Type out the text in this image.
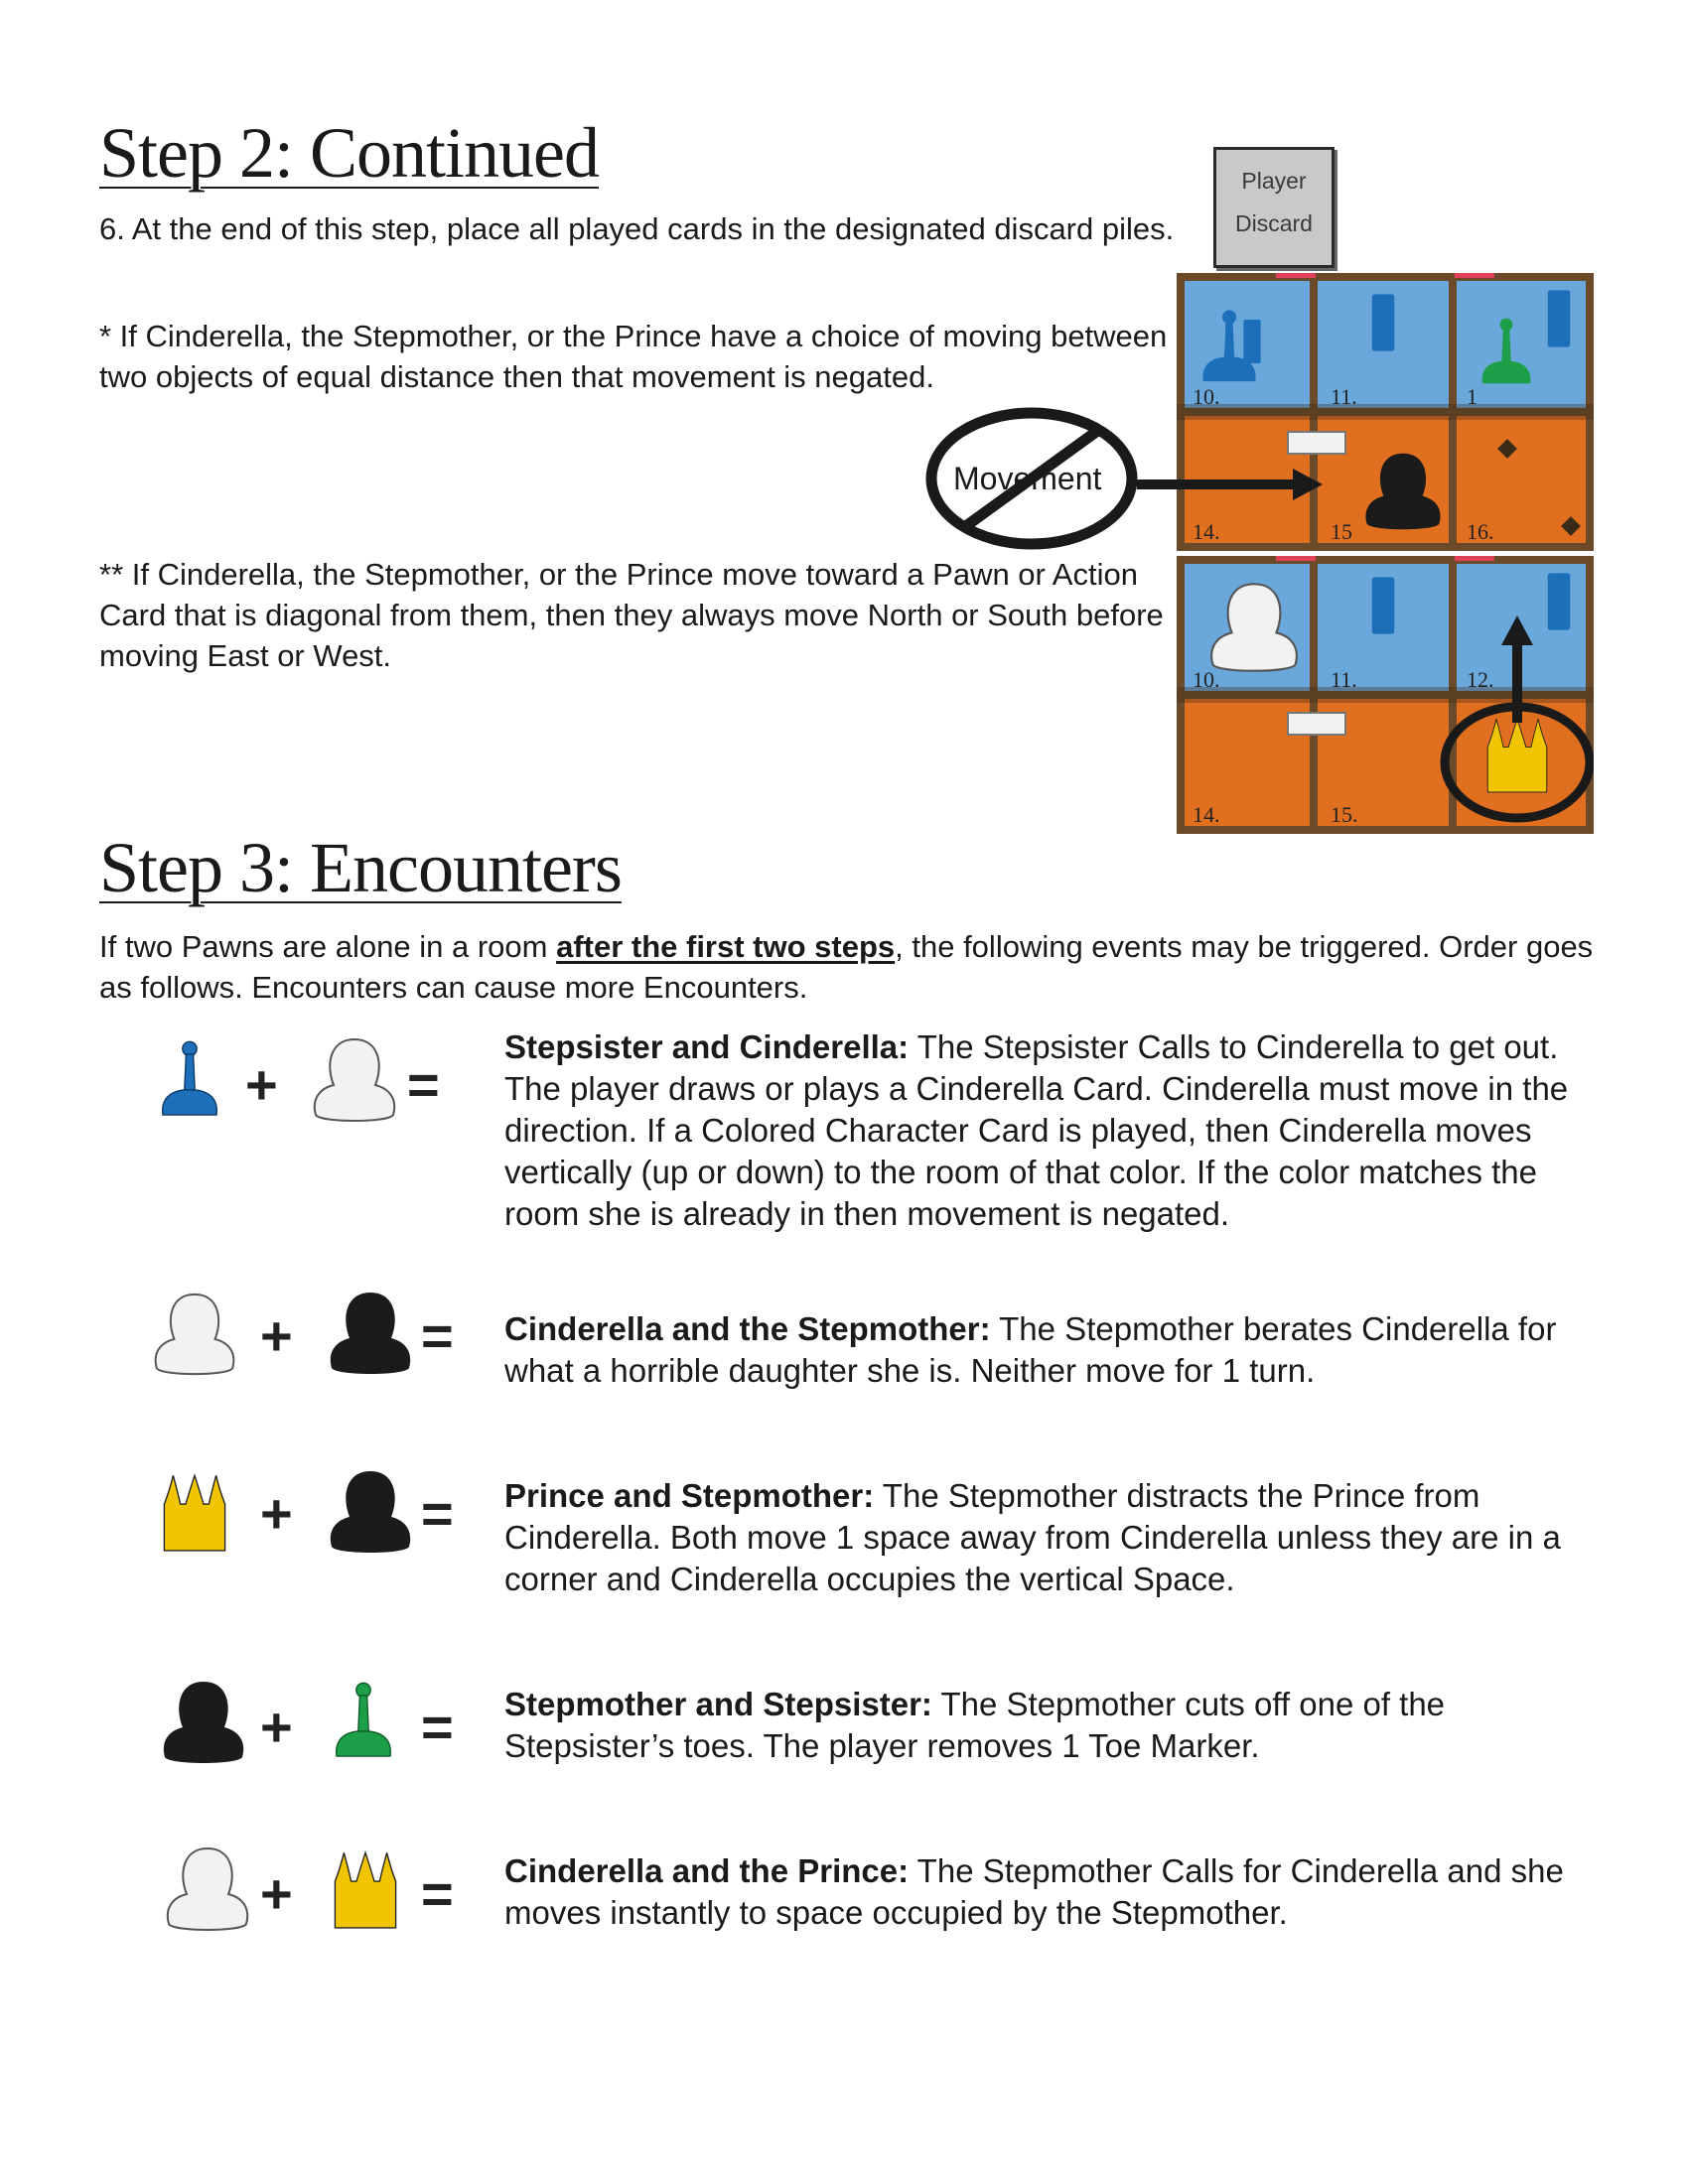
Step 2: Continued

6. At the end of this step, place all played cards in the designated discard piles.

* If Cinderella, the Stepmother, or the Prince have a choice of moving between two objects of equal distance then that movement is negated.

** If Cinderella, the Stepmother, or the Prince move toward a Pawn or Action Card that is diagonal from them, then they always move North or South before moving East or West.

Player
Discard
10.	11.	1
14.	15	16.
Movement
10.	11.	12.
14.	15.
Step 3: Encounters

If two Pawns are alone in a room after the first two steps, the following events may be triggered. Order goes as follows. Encounters can cause more Encounters.

+ =

Stepsister and Cinderella: The Stepsister Calls to Cinderella to get out. The player draws or plays a Cinderella Card. Cinderella must move in the direction. If a Colored Character Card is played, then Cinderella moves vertically (up or down) to the room of that color. If the color matches the room she is already in then movement is negated.

+ = Cinderella and the Stepmother: The Stepmother berates Cinderella for what a horrible daughter she is. Neither move for 1 turn.

+ = Prince and Stepmother: The Stepmother distracts the Prince from Cinderella. Both move 1 space away from Cinderella unless they are in a corner and Cinderella occupies the vertical Space.

+ = Stepmother and Stepsister: The Stepmother cuts off one of the Stepsister’s toes. The player removes 1 Toe Marker.

+ = Cinderella and the Prince: The Stepmother Calls for Cinderella and she moves instantly to space occupied by the Stepmother.
